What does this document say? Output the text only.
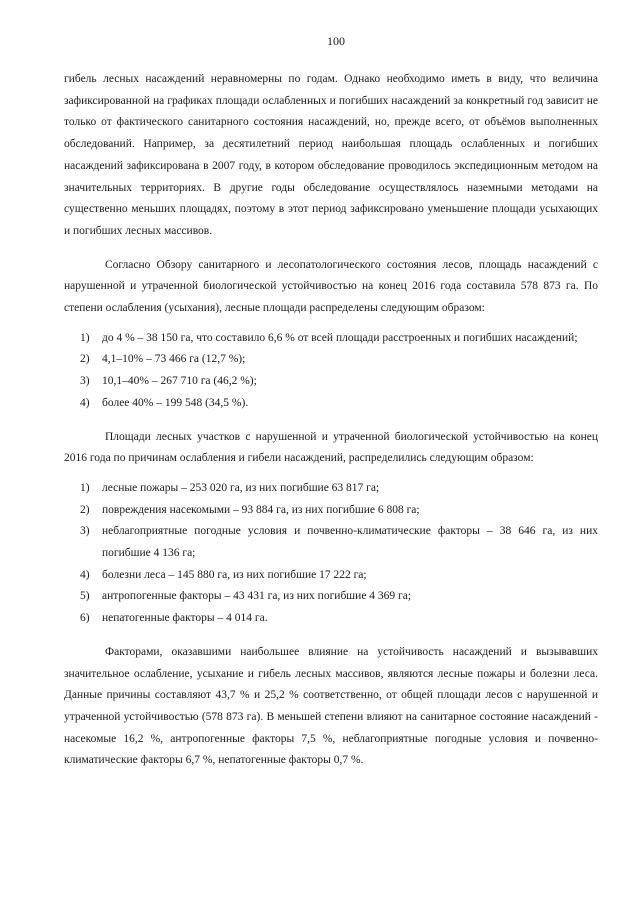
100

гибель лесных насаждений неравномерны по годам. Однако необходимо иметь в виду, что величина зафиксированной на графиках площади ослабленных и погибших насаждений за конкретный год зависит не только от фактического санитарного состояния насаждений, но, прежде всего, от объёмов выполненных обследований. Например, за десятилетний период наибольшая площадь ослабленных и погибших насаждений зафиксирована в 2007 году, в котором обследование проводилось экспедиционным методом на значительных территориях. В другие годы обследование осуществлялось наземными методами на существенно меньших площадях, поэтому в этот период зафиксировано уменьшение площади усыхающих и погибших лесных массивов.

Согласно Обзору санитарного и лесопатологического состояния лесов, площадь насаждений с нарушенной и утраченной биологической устойчивостью на конец 2016 года составила 578 873 га. По степени ослабления (усыхания), лесные площади распределены следующим образом:

1)	до 4 % – 38 150 га, что составило 6,6 % от всей площади расстроенных и погибших насаждений;
2)	4,1–10% – 73 466 га (12,7 %);
3)	10,1–40% – 267 710 га (46,2 %);
4)	более 40% – 199 548 (34,5 %).

Площади лесных участков с нарушенной и утраченной биологической устойчивостью на конец 2016 года по причинам ослабления и гибели насаждений, распределились следующим образом:

1)	лесные пожары – 253 020 га, из них погибшие 63 817 га;
2)	повреждения насекомыми – 93 884 га, из них погибшие 6 808 га;
3)	неблагоприятные погодные условия и почвенно-климатические факторы – 38 646 га, из них погибшие 4 136 га;
4)	болезни леса – 145 880 га, из них погибшие 17 222 га;
5)	антропогенные факторы – 43 431 га, из них погибшие 4 369 га;
6)	непатогенные факторы – 4 014 га.

Факторами, оказавшими наибольшее влияние на устойчивость насаждений и вызывавших значительное ослабление, усыхание и гибель лесных массивов, являются лесные пожары и болезни леса. Данные причины составляют 43,7 % и 25,2 % соответственно, от общей площади лесов с нарушенной и утраченной устойчивостью (578 873 га). В меньшей степени влияют на санитарное состояние насаждений - насекомые 16,2 %, антропогенные факторы 7,5 %, неблагоприятные погодные условия и почвенно-климатические факторы 6,7 %, непатогенные факторы 0,7 %.
